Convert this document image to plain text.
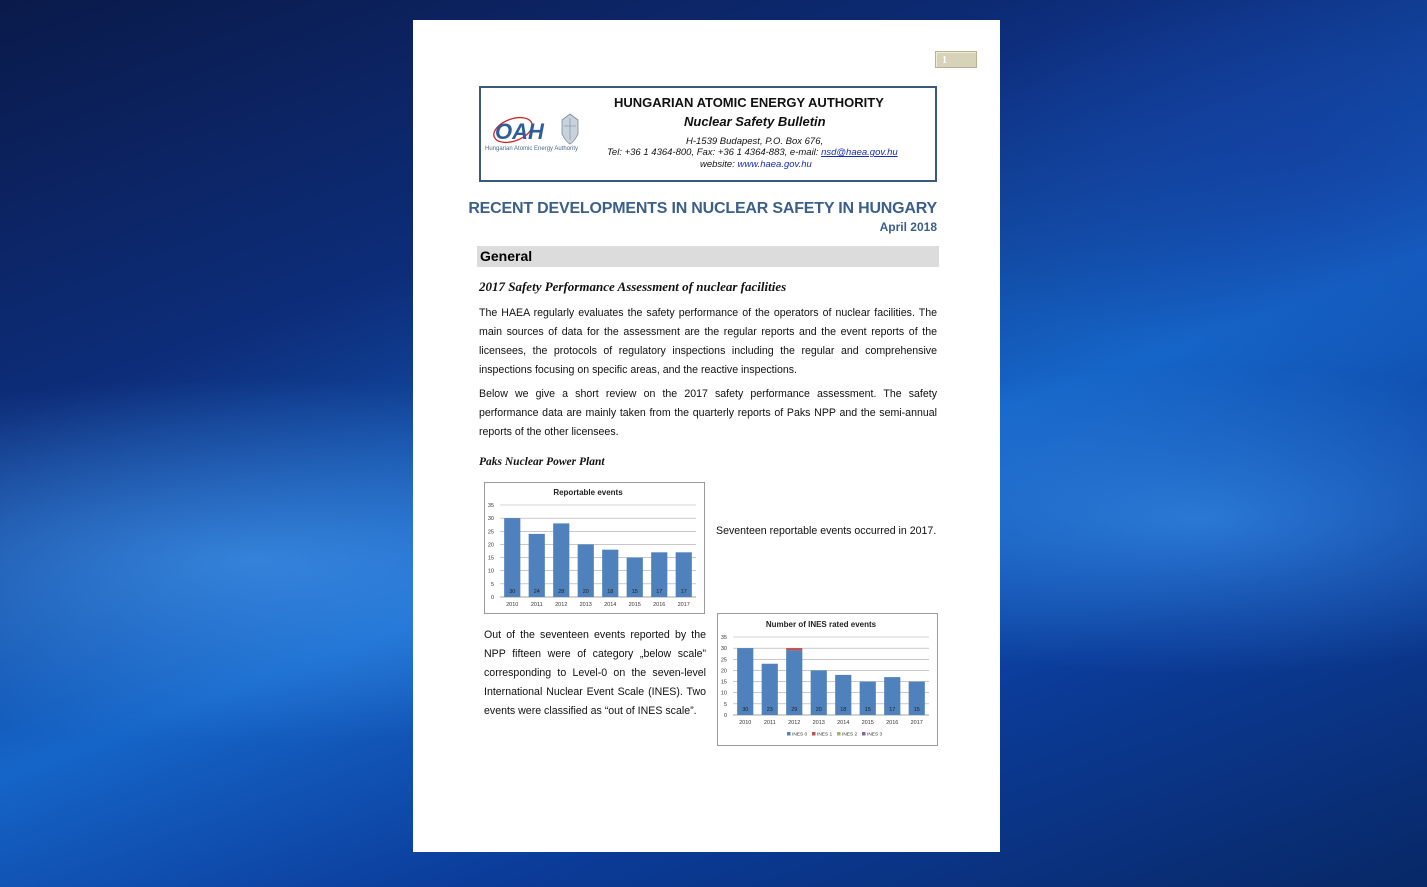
1
OAH
Hungarian Atomic Energy Authority
HUNGARIAN ATOMIC ENERGY AUTHORITY
Nuclear Safety Bulletin
H-1539 Budapest, P.O. Box 676,
Tel: +36 1 4364-800, Fax: +36 1 4364-883, e-mail: nsd@haea.gov.hu
website: www.haea.gov.hu
RECENT DEVELOPMENTS IN NUCLEAR SAFETY IN HUNGARY
April 2018
General
2017 Safety Performance Assessment of nuclear facilities

The HAEA regularly evaluates the safety performance of the operators of nuclear facilities. The main sources of data for the assessment are the regular reports and the event reports of the licensees, the protocols of regulatory inspections including the regular and comprehensive inspections focusing on specific areas, and the reactive inspections.

Below we give a short review on the 2017 safety performance assessment. The safety performance data are mainly taken from the quarterly reports of Paks NPP and the semi-annual reports of the other licensees.

Paks Nuclear Power Plant
Reportable events
0
5
10
15
20
25
30
35
30
2010
24
2011
28
2012
20
2013
18
2014
15
2015
17
2016
17
2017

Seventeen reportable events occurred in 2017.

Out of the seventeen events reported by the NPP fifteen were of category „below scale” corresponding to Level-0 on the seven-level International Nuclear Event Scale (INES). Two events were classified as “out of INES scale”.

Number of INES rated events
0
5
10
15
20
25
30
35
30
2010
23
2011
29
2012
20
2013
18
2014
15
2015
17
2016
15
2017
INES 0 INES 1 INES 2 INES 3
